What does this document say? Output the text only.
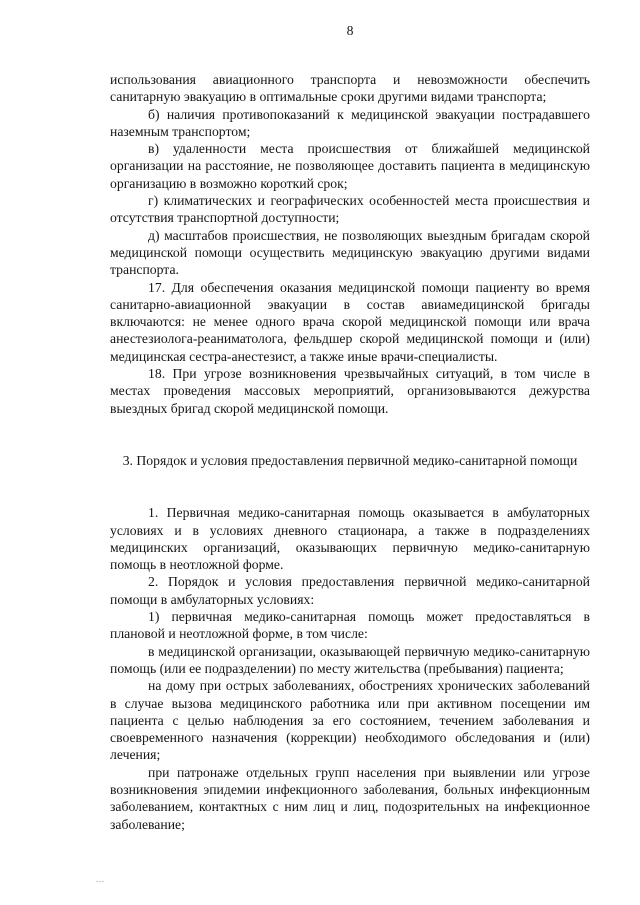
8

использования авиационного транспорта и невозможности обеспечить санитарную эвакуацию в оптимальные сроки другими видами транспорта;

б) наличия противопоказаний к медицинской эвакуации пострадавшего наземным транспортом;

в) удаленности места происшествия от ближайшей медицинской организации на расстояние, не позволяющее доставить пациента в медицинскую организацию в возможно короткий срок;

г) климатических и географических особенностей места происшествия и отсутствия транспортной доступности;

д) масштабов происшествия, не позволяющих выездным бригадам скорой медицинской помощи осуществить медицинскую эвакуацию другими видами транспорта.

17. Для обеспечения оказания медицинской помощи пациенту во время санитарно-авиационной эвакуации в состав авиамедицинской бригады включаются: не менее одного врача скорой медицинской помощи или врача анестезиолога-реаниматолога, фельдшер скорой медицинской помощи и (или) медицинская сестра-анестезист, а также иные врачи-специалисты.

18. При угрозе возникновения чрезвычайных ситуаций, в том числе в местах проведения массовых мероприятий, организовываются дежурства выездных бригад скорой медицинской помощи.

3. Порядок и условия предоставления первичной медико-санитарной помощи

1. Первичная медико-санитарная помощь оказывается в амбулаторных условиях и в условиях дневного стационара, а также в подразделениях медицинских организаций, оказывающих первичную медико-санитарную помощь в неотложной форме.

2. Порядок и условия предоставления первичной медико-санитарной помощи в амбулаторных условиях:

1) первичная медико-санитарная помощь может предоставляться в плановой и неотложной форме, в том числе:

в медицинской организации, оказывающей первичную медико-санитарную помощь (или ее подразделении) по месту жительства (пребывания) пациента;

на дому при острых заболеваниях, обострениях хронических заболеваний в случае вызова медицинского работника или при активном посещении им пациента с целью наблюдения за его состоянием, течением заболевания и своевременного назначения (коррекции) необходимого обследования и (или) лечения;

при патронаже отдельных групп населения при выявлении или угрозе возникновения эпидемии инфекционного заболевания, больных инфекционным заболеванием, контактных с ним лиц и лиц, подозрительных на инфекционное заболевание;
